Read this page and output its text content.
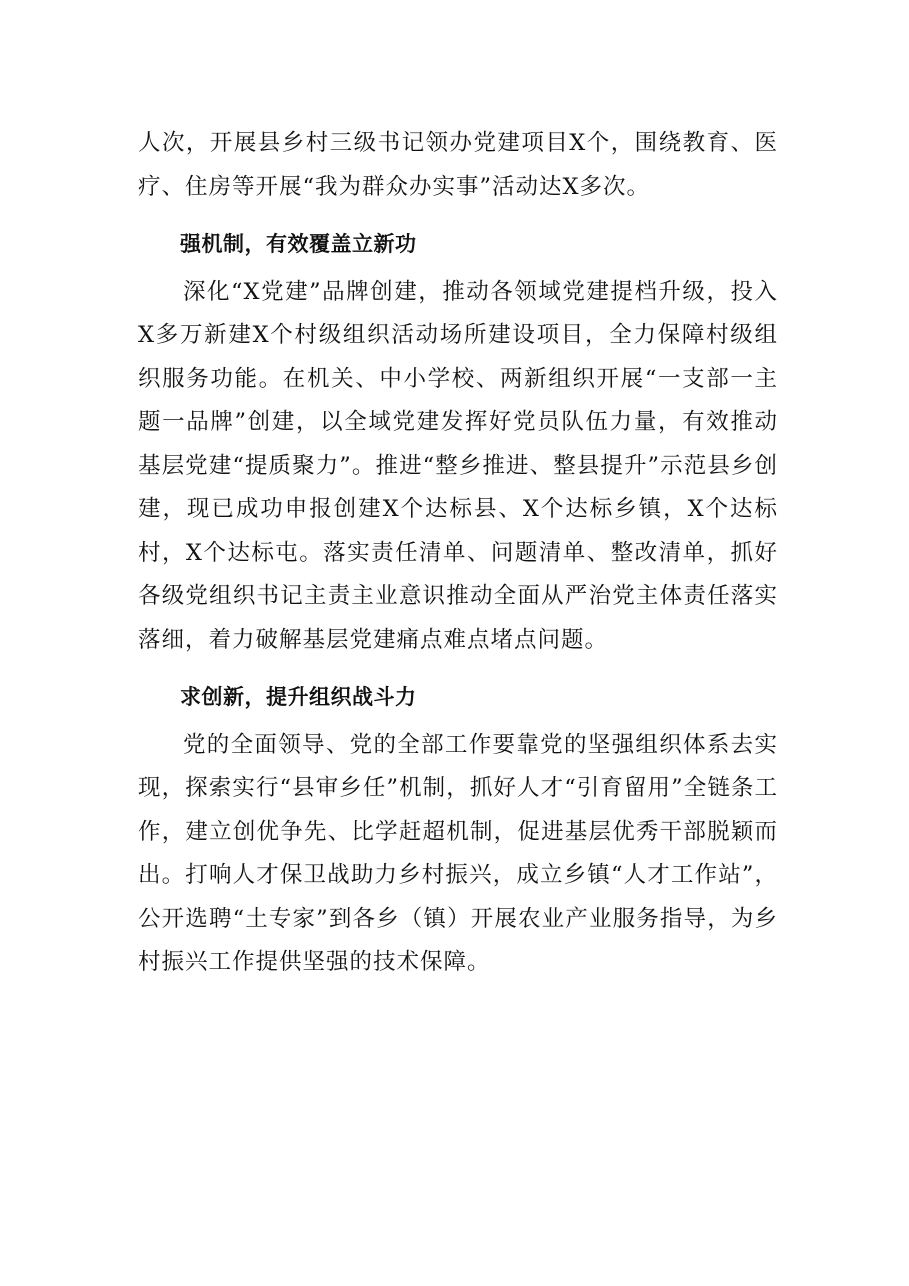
人次，开展县乡村三级书记领办党建项目X个，围绕教育、医疗、住房等开展“我为群众办实事”活动达X多次。

强机制，有效覆盖立新功

深化“X党建”品牌创建，推动各领域党建提档升级，投入X多万新建X个村级组织活动场所建设项目，全力保障村级组织服务功能。在机关、中小学校、两新组织开展“一支部一主题一品牌”创建，以全域党建发挥好党员队伍力量，有效推动基层党建“提质聚力”。推进“整乡推进、整县提升”示范县乡创建，现已成功申报创建X个达标县、X个达标乡镇，X个达标村，X个达标屯。落实责任清单、问题清单、整改清单，抓好各级党组织书记主责主业意识推动全面从严治党主体责任落实落细，着力破解基层党建痛点难点堵点问题。

求创新，提升组织战斗力

党的全面领导、党的全部工作要靠党的坚强组织体系去实现，探索实行“县审乡任”机制，抓好人才“引育留用”全链条工作，建立创优争先、比学赶超机制，促进基层优秀干部脱颖而出。打响人才保卫战助力乡村振兴，成立乡镇“人才工作站”，公开选聘“土专家”到各乡（镇）开展农业产业服务指导，为乡村振兴工作提供坚强的技术保障。
